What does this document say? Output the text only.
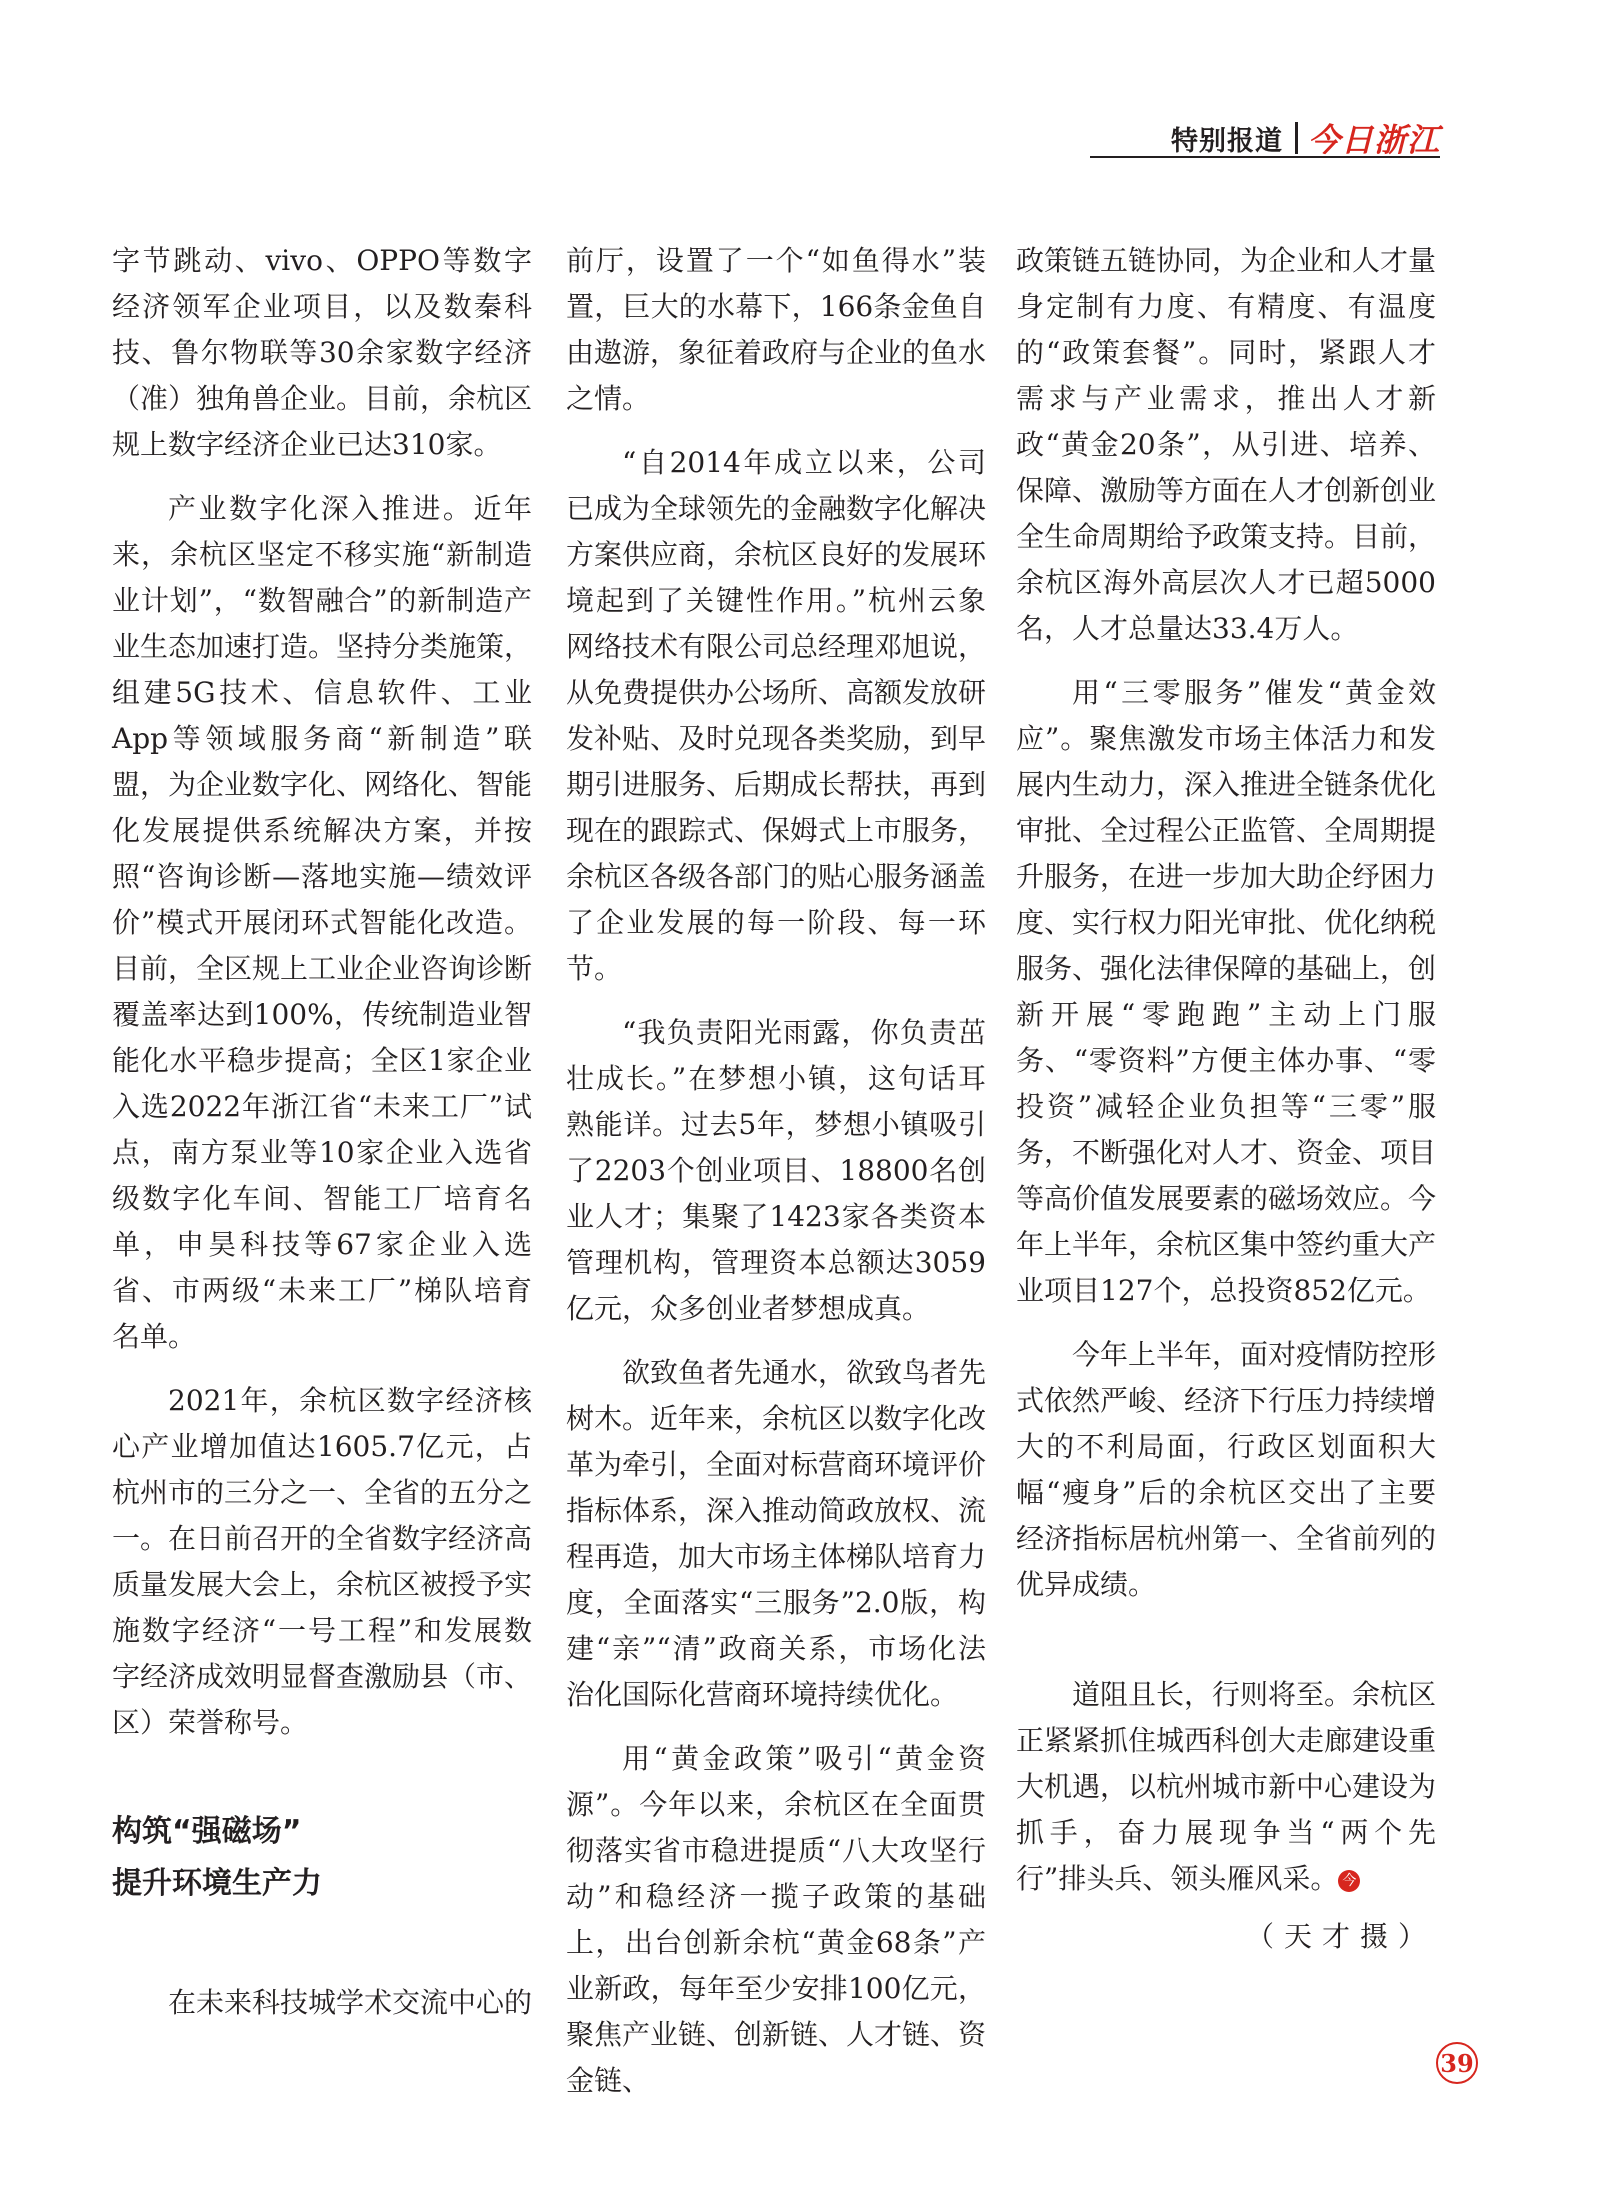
特别报道 今日浙江

字节跳动、vivo、OPPO等数字经济领军企业项目，以及数秦科技、鲁尔物联等30余家数字经济（准）独角兽企业。目前，余杭区规上数字经济企业已达310家。

产业数字化深入推进。近年来，余杭区坚定不移实施“新制造业计划”，“数智融合”的新制造产业生态加速打造。坚持分类施策，组建5G技术、信息软件、工业App等领域服务商“新制造”联盟，为企业数字化、网络化、智能化发展提供系统解决方案，并按照“咨询诊断—落地实施—绩效评价”模式开展闭环式智能化改造。目前，全区规上工业企业咨询诊断覆盖率达到100%，传统制造业智能化水平稳步提高；全区1家企业入选2022年浙江省“未来工厂”试点，南方泵业等10家企业入选省级数字化车间、智能工厂培育名单，申昊科技等67家企业入选省、市两级“未来工厂”梯队培育名单。

2021年，余杭区数字经济核心产业增加值达1605.7亿元，占杭州市的三分之一、全省的五分之一。在日前召开的全省数字经济高质量发展大会上，余杭区被授予实施数字经济“一号工程”和发展数字经济成效明显督查激励县（市、区）荣誉称号。

构筑“强磁场”
提升环境生产力

在未来科技城学术交流中心的

前厅，设置了一个“如鱼得水”装置，巨大的水幕下，166条金鱼自由遨游，象征着政府与企业的鱼水之情。

“自2014年成立以来，公司已成为全球领先的金融数字化解决方案供应商，余杭区良好的发展环境起到了关键性作用。”杭州云象网络技术有限公司总经理邓旭说，从免费提供办公场所、高额发放研发补贴、及时兑现各类奖励，到早期引进服务、后期成长帮扶，再到现在的跟踪式、保姆式上市服务，余杭区各级各部门的贴心服务涵盖了企业发展的每一阶段、每一环节。

“我负责阳光雨露，你负责茁壮成长。”在梦想小镇，这句话耳熟能详。过去5年，梦想小镇吸引了2203个创业项目、18800名创业人才；集聚了1423家各类资本管理机构，管理资本总额达3059亿元，众多创业者梦想成真。

欲致鱼者先通水，欲致鸟者先树木。近年来，余杭区以数字化改革为牵引，全面对标营商环境评价指标体系，深入推动简政放权、流程再造，加大市场主体梯队培育力度，全面落实“三服务”2.0版，构建“亲”“清”政商关系，市场化法治化国际化营商环境持续优化。

用“黄金政策”吸引“黄金资源”。今年以来，余杭区在全面贯彻落实省市稳进提质“八大攻坚行动”和稳经济一揽子政策的基础上，出台创新余杭“黄金68条”产业新政，每年至少安排100亿元，聚焦产业链、创新链、人才链、资金链、

政策链五链协同，为企业和人才量身定制有力度、有精度、有温度的“政策套餐”。同时，紧跟人才需求与产业需求，推出人才新政“黄金20条”，从引进、培养、保障、激励等方面在人才创新创业全生命周期给予政策支持。目前，余杭区海外高层次人才已超5000名，人才总量达33.4万人。

用“三零服务”催发“黄金效应”。聚焦激发市场主体活力和发展内生动力，深入推进全链条优化审批、全过程公正监管、全周期提升服务，在进一步加大助企纾困力度、实行权力阳光审批、优化纳税服务、强化法律保障的基础上，创新开展“零跑跑”主动上门服务、“零资料”方便主体办事、“零投资”减轻企业负担等“三零”服务，不断强化对人才、资金、项目等高价值发展要素的磁场效应。今年上半年，余杭区集中签约重大产业项目127个，总投资852亿元。

今年上半年，面对疫情防控形式依然严峻、经济下行压力持续增大的不利局面，行政区划面积大幅“瘦身”后的余杭区交出了主要经济指标居杭州第一、全省前列的优异成绩。

道阻且长，行则将至。余杭区正紧紧抓住城西科创大走廊建设重大机遇，以杭州城市新中心建设为抓手，奋力展现争当“两个先行”排头兵、领头雁风采。 今

（天才摄）

39
